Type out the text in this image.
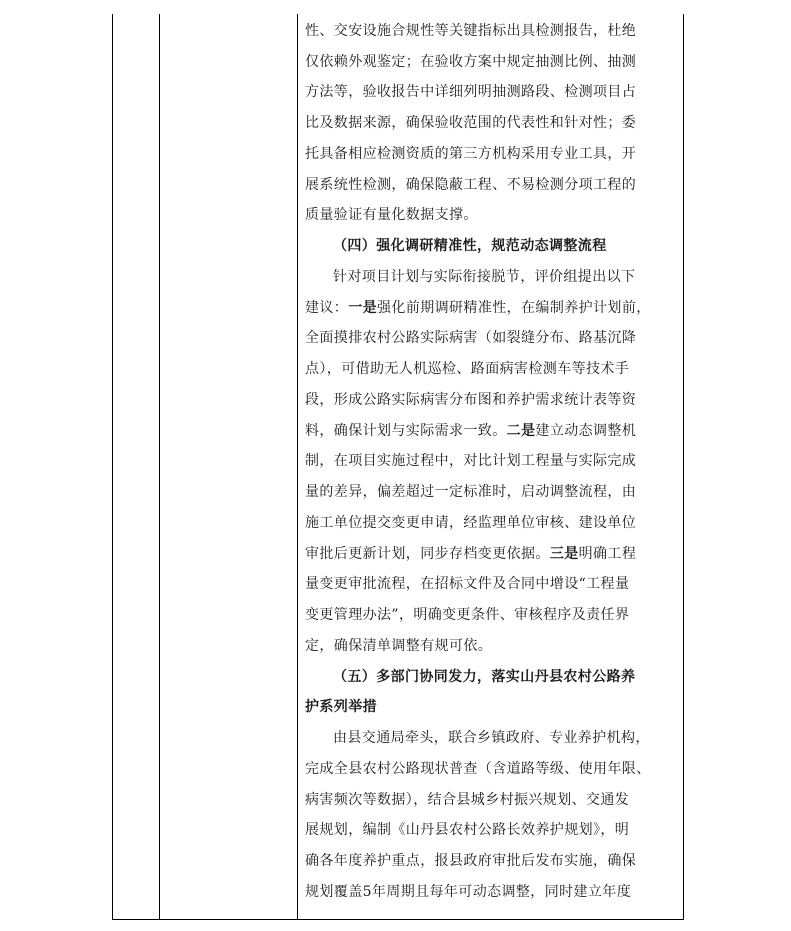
性、交安设施合规性等关键指标出具检测报告，杜绝
仅依赖外观鉴定；在验收方案中规定抽测比例、抽测
方法等，验收报告中详细列明抽测路段、检测项目占
比及数据来源，确保验收范围的代表性和针对性；委
托具备相应检测资质的第三方机构采用专业工具，开
展系统性检测，确保隐蔽工程、不易检测分项工程的
质量验证有量化数据支撑。
（四）强化调研精准性，规范动态调整流程
针对项目计划与实际衔接脱节，评价组提出以下
建议：一是强化前期调研精准性，在编制养护计划前，
全面摸排农村公路实际病害（如裂缝分布、路基沉降
点），可借助无人机巡检、路面病害检测车等技术手
段，形成公路实际病害分布图和养护需求统计表等资
料，确保计划与实际需求一致。二是建立动态调整机
制，在项目实施过程中，对比计划工程量与实际完成
量的差异，偏差超过一定标准时，启动调整流程，由
施工单位提交变更申请，经监理单位审核、建设单位
审批后更新计划，同步存档变更依据。三是明确工程
量变更审批流程，在招标文件及合同中增设“工程量
变更管理办法”，明确变更条件、审核程序及责任界
定，确保清单调整有规可依。
（五）多部门协同发力，落实山丹县农村公路养
护系列举措
由县交通局牵头，联合乡镇政府、专业养护机构，
完成全县农村公路现状普查（含道路等级、使用年限、
病害频次等数据），结合县城乡村振兴规划、交通发
展规划，编制《山丹县农村公路长效养护规划》，明
确各年度养护重点，报县政府审批后发布实施，确保
规划覆盖5年周期且每年可动态调整，同时建立年度
